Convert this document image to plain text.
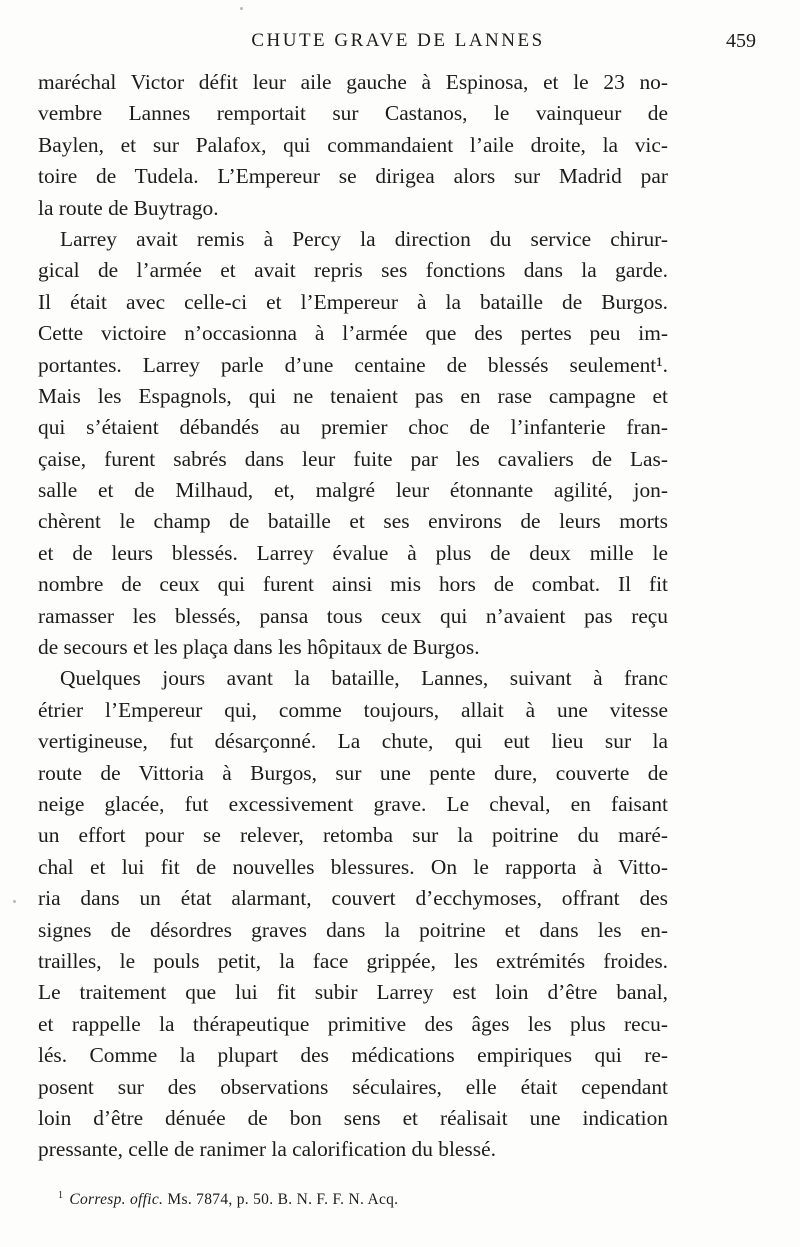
CHUTE GRAVE DE LANNES	459
maréchal Victor défit leur aile gauche à Espinosa, et le 23 no-
vembre Lannes remportait sur Castanos, le vainqueur de
Baylen, et sur Palafox, qui commandaient l’aile droite, la vic-
toire de Tudela. L’Empereur se dirigea alors sur Madrid par
la route de Buytrago.
Larrey avait remis à Percy la direction du service chirur-
gical de l’armée et avait repris ses fonctions dans la garde.
Il était avec celle-ci et l’Empereur à la bataille de Burgos.
Cette victoire n’occasionna à l’armée que des pertes peu im-
portantes. Larrey parle d’une centaine de blessés seulement¹.
Mais les Espagnols, qui ne tenaient pas en rase campagne et
qui s’étaient débandés au premier choc de l’infanterie fran-
çaise, furent sabrés dans leur fuite par les cavaliers de Las-
salle et de Milhaud, et, malgré leur étonnante agilité, jon-
chèrent le champ de bataille et ses environs de leurs morts
et de leurs blessés. Larrey évalue à plus de deux mille le
nombre de ceux qui furent ainsi mis hors de combat. Il fit
ramasser les blessés, pansa tous ceux qui n’avaient pas reçu
de secours et les plaça dans les hôpitaux de Burgos.
Quelques jours avant la bataille, Lannes, suivant à franc
étrier l’Empereur qui, comme toujours, allait à une vitesse
vertigineuse, fut désarçonné. La chute, qui eut lieu sur la
route de Vittoria à Burgos, sur une pente dure, couverte de
neige glacée, fut excessivement grave. Le cheval, en faisant
un effort pour se relever, retomba sur la poitrine du maré-
chal et lui fit de nouvelles blessures. On le rapporta à Vitto-
ria dans un état alarmant, couvert d’ecchymoses, offrant des
signes de désordres graves dans la poitrine et dans les en-
trailles, le pouls petit, la face grippée, les extrémités froides.
Le traitement que lui fit subir Larrey est loin d’être banal,
et rappelle la thérapeutique primitive des âges les plus recu-
lés. Comme la plupart des médications empiriques qui re-
posent sur des observations séculaires, elle était cependant
loin d’être dénuée de bon sens et réalisait une indication
pressante, celle de ranimer la calorification du blessé.
$^1$ Corresp. offic. Ms. 7874, p. 50. B. N. F. F. N. Acq.
